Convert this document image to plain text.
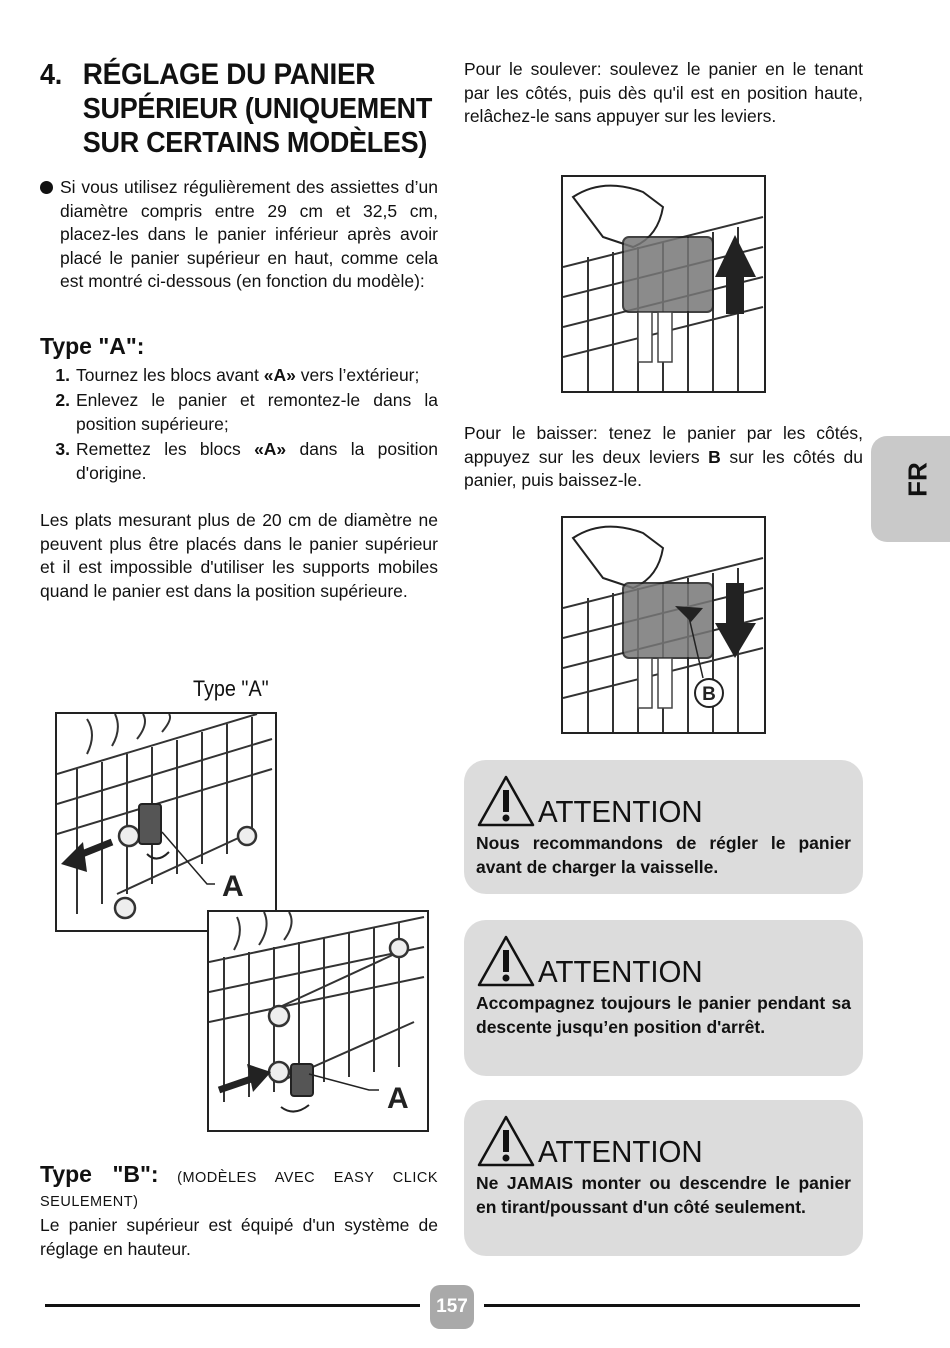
4. RÉGLAGE DU PANIER
SUPÉRIEUR (UNIQUEMENT
SUR CERTAINS MODÈLES)
Si vous utilisez régulièrement des assiettes d’un diamètre compris entre 29 cm et 32,5 cm, placez-les dans le panier inférieur après avoir placé le panier supérieur en haut, comme cela est montré ci-dessous (en fonction du modèle):
Type "A":
1. Tournez les blocs avant «A» vers l’extérieur;
2. Enlevez le panier et remontez-le dans la position supérieure;
3. Remettez les blocs «A» dans la position d'origine.
Les plats mesurant plus de 20 cm de diamètre ne peuvent plus être placés dans le panier supérieur et il est impossible d'utiliser les supports mobiles quand le panier est dans la position supérieure.
Type "A"
A
A
Type "B": (MODÈLES AVEC EASY CLICK SEULEMENT)
Le panier supérieur est équipé d'un système de réglage en hauteur.
Pour le soulever: soulevez le panier en le tenant par les côtés, puis dès qu'il est en position haute, relâchez-le sans appuyer sur les leviers.
Pour le baisser: tenez le panier par les côtés, appuyez sur les deux leviers B sur les côtés du panier, puis baissez-le.
B
ATTENTION
Nous recommandons de régler le panier avant de charger la vaisselle.
ATTENTION
Accompagnez toujours le panier pendant sa descente jusqu’en position d'arrêt.
ATTENTION
Ne JAMAIS monter ou descendre le panier en tirant/poussant d'un côté seulement.
FR
157
